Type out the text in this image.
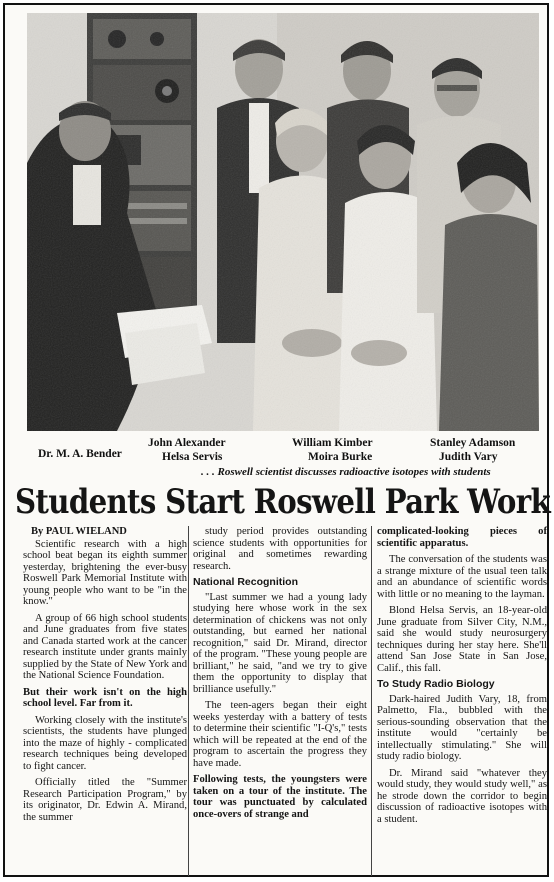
Dr. M. A. Bender
John Alexander
Helsa Servis
William Kimber
Moira Burke
Stanley Adamson
Judith Vary
. . . Roswell scientist discusses radioactive isotopes with students
Students Start Roswell Park Work

By PAUL WIELAND

Scientific research with a high school beat began its eighth summer yesterday, brightening the ever-busy Roswell Park Memorial Institute with young people who want to be "in the know."

A group of 66 high school students and June graduates from five states and Canada started work at the cancer research institute under grants mainly supplied by the State of New York and the National Science Foundation.

But their work isn't on the high school level. Far from it.

Working closely with the institute's scientists, the students have plunged into the maze of highly - complicated research techniques being developed to fight cancer.

Officially titled the "Summer Research Participation Program," by its originator, Dr. Edwin A. Mirand, the summer

study period provides outstanding science students with opportunities for original and sometimes rewarding research.

National Recognition

"Last summer we had a young lady studying here whose work in the sex determination of chickens was not only outstanding, but earned her national recognition," said Dr. Mirand, director of the program. "These young people are brilliant," he said, "and we try to give them the opportunity to display that brilliance usefully."

The teen-agers began their eight weeks yesterday with a battery of tests to determine their scientific "I-Q's," tests which will be repeated at the end of the program to ascertain the progress they have made.

Following tests, the youngsters were taken on a tour of the institute. The tour was punctuated by calculated once-overs of strange and

complicated-looking pieces of scientific apparatus.

The conversation of the students was a strange mixture of the usual teen talk and an abundance of scientific words with little or no meaning to the layman.

Blond Helsa Servis, an 18-year-old June graduate from Silver City, N.M., said she would study neurosurgery techniques during her stay here. She'll attend San Jose State in San Jose, Calif., this fall.

To Study Radio Biology

Dark-haired Judith Vary, 18, from Palmetto, Fla., bubbled with the serious-sounding observation that the institute would "certainly be intellectually stimulating." She will study radio biology.

Dr. Mirand said "whatever they would study, they would study well," as he strode down the corridor to begin discussion of radioactive isotopes with a student.
